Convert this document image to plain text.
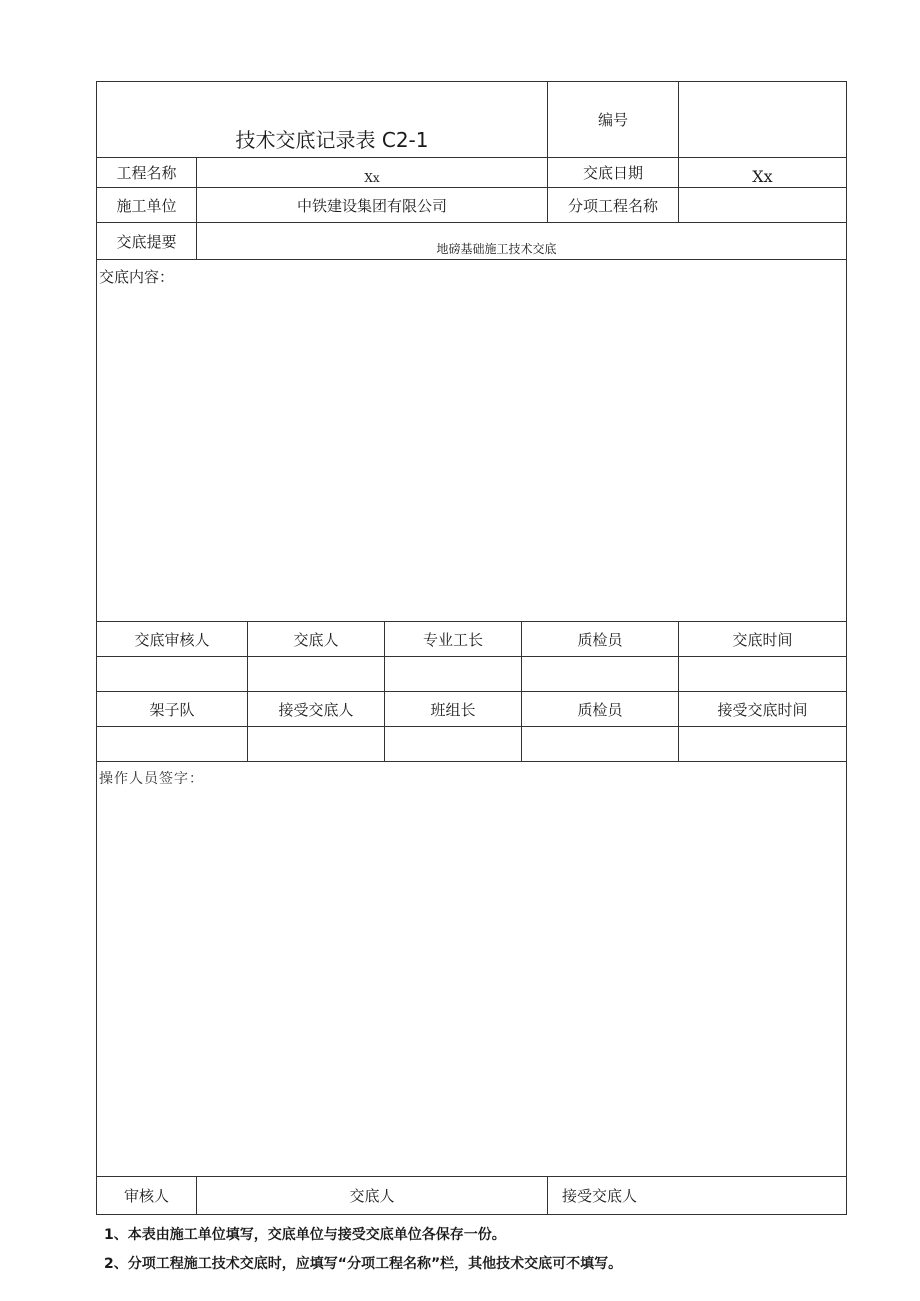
技术交底记录表 C2-1		编号	
工程名称	Xx	交底日期	Xx
施工单位	中铁建设集团有限公司	分项工程名称	
交底提要	地磅基础施工技术交底		
交底内容：			
交底审核人	交底人	专业工长	质检员	交底时间

架子队	接受交底人	班组长	质检员	接受交底时间

操作人员签字：
审核人	交底人	接受交底人
1、本表由施工单位填写，交底单位与接受交底单位各保存一份。
2、分项工程施工技术交底时，应填写“分项工程名称”栏，其他技术交底可不填写。
